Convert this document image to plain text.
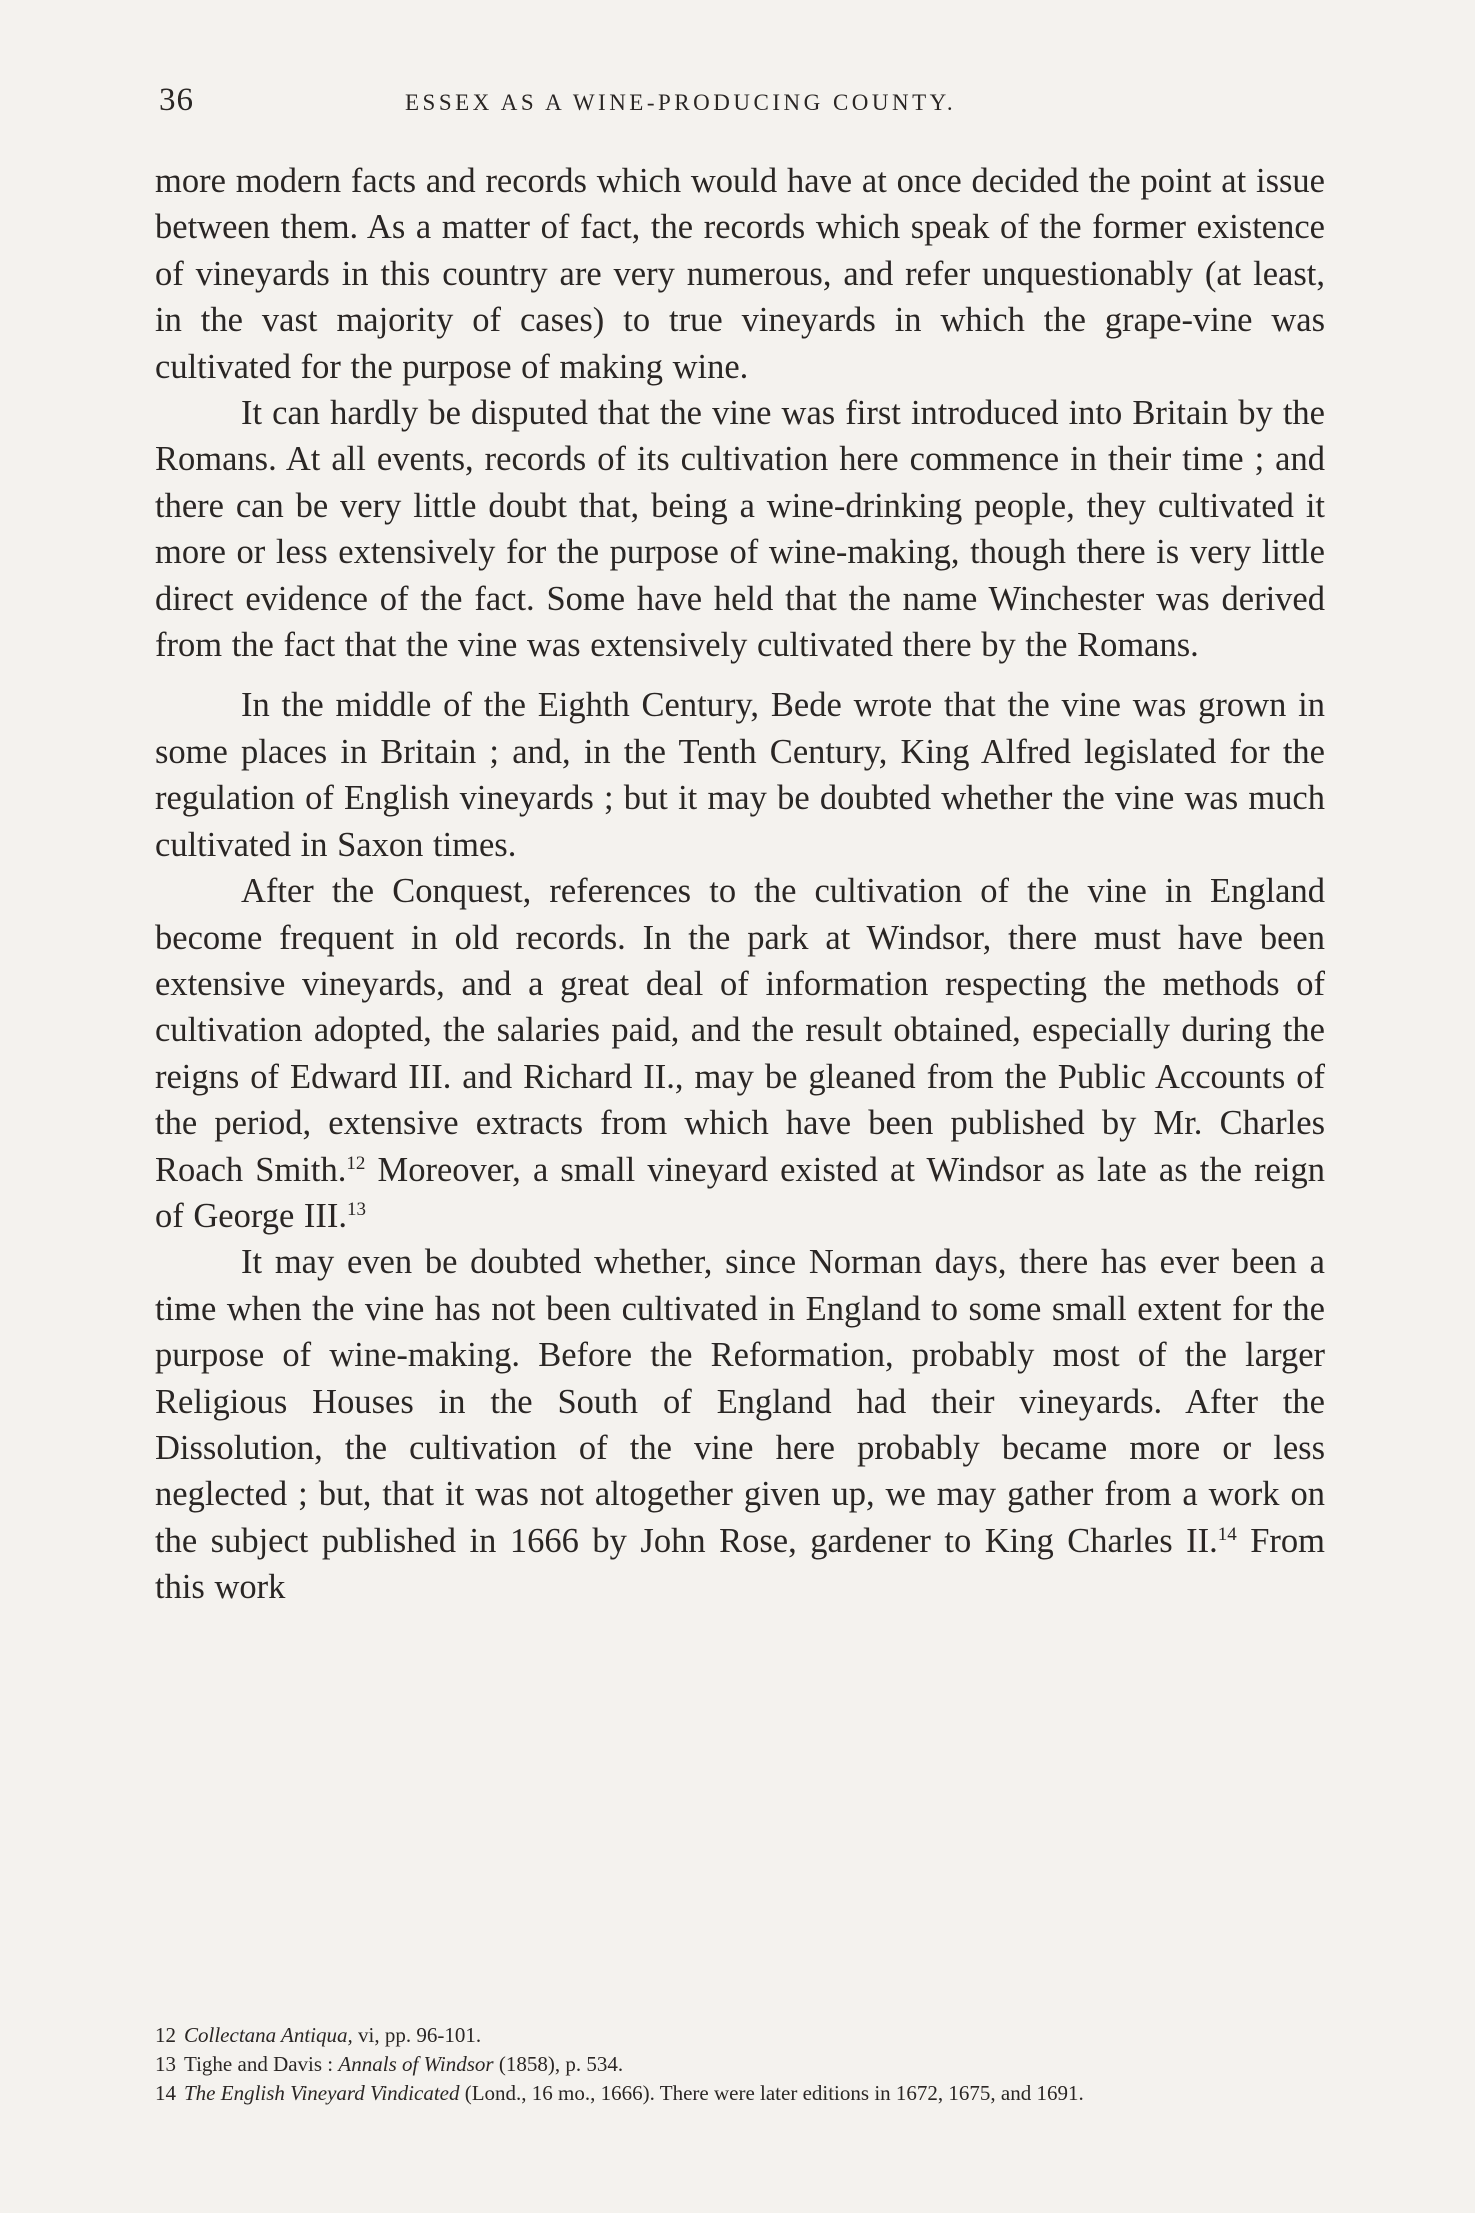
36	ESSEX AS A WINE-PRODUCING COUNTY.

more modern facts and records which would have at once decided the point at issue between them. As a matter of fact, the records which speak of the former existence of vineyards in this country are very numerous, and refer unquestionably (at least, in the vast majority of cases) to true vineyards in which the grape-vine was cultivated for the purpose of making wine.

It can hardly be disputed that the vine was first introduced into Britain by the Romans. At all events, records of its cultivation here commence in their time ; and there can be very little doubt that, being a wine-drinking people, they cultivated it more or less extensively for the purpose of wine-making, though there is very little direct evidence of the fact. Some have held that the name Winchester was derived from the fact that the vine was extensively cultivated there by the Romans.

In the middle of the Eighth Century, Bede wrote that the vine was grown in some places in Britain ; and, in the Tenth Century, King Alfred legislated for the regulation of English vineyards ; but it may be doubted whether the vine was much cultivated in Saxon times.

After the Conquest, references to the cultivation of the vine in England become frequent in old records. In the park at Windsor, there must have been extensive vineyards, and a great deal of information respecting the methods of cultivation adopted, the salaries paid, and the result obtained, especially during the reigns of Edward III. and Richard II., may be gleaned from the Public Accounts of the period, extensive extracts from which have been published by Mr. Charles Roach Smith.$^{12}$ Moreover, a small vineyard existed at Windsor as late as the reign of George III.$^{13}$

It may even be doubted whether, since Norman days, there has ever been a time when the vine has not been cultivated in England to some small extent for the purpose of wine-making. Before the Reformation, probably most of the larger Religious Houses in the South of England had their vineyards. After the Dissolution, the cultivation of the vine here probably became more or less neglected ; but, that it was not altogether given up, we may gather from a work on the subject published in 1666 by John Rose, gardener to King Charles II.$^{14}$ From this work

12 Collectana Antiqua, vi, pp. 96-101.

13 Tighe and Davis : Annals of Windsor (1858), p. 534.

14 The English Vineyard Vindicated (Lond., 16 mo., 1666). There were later editions in 1672, 1675, and 1691.
